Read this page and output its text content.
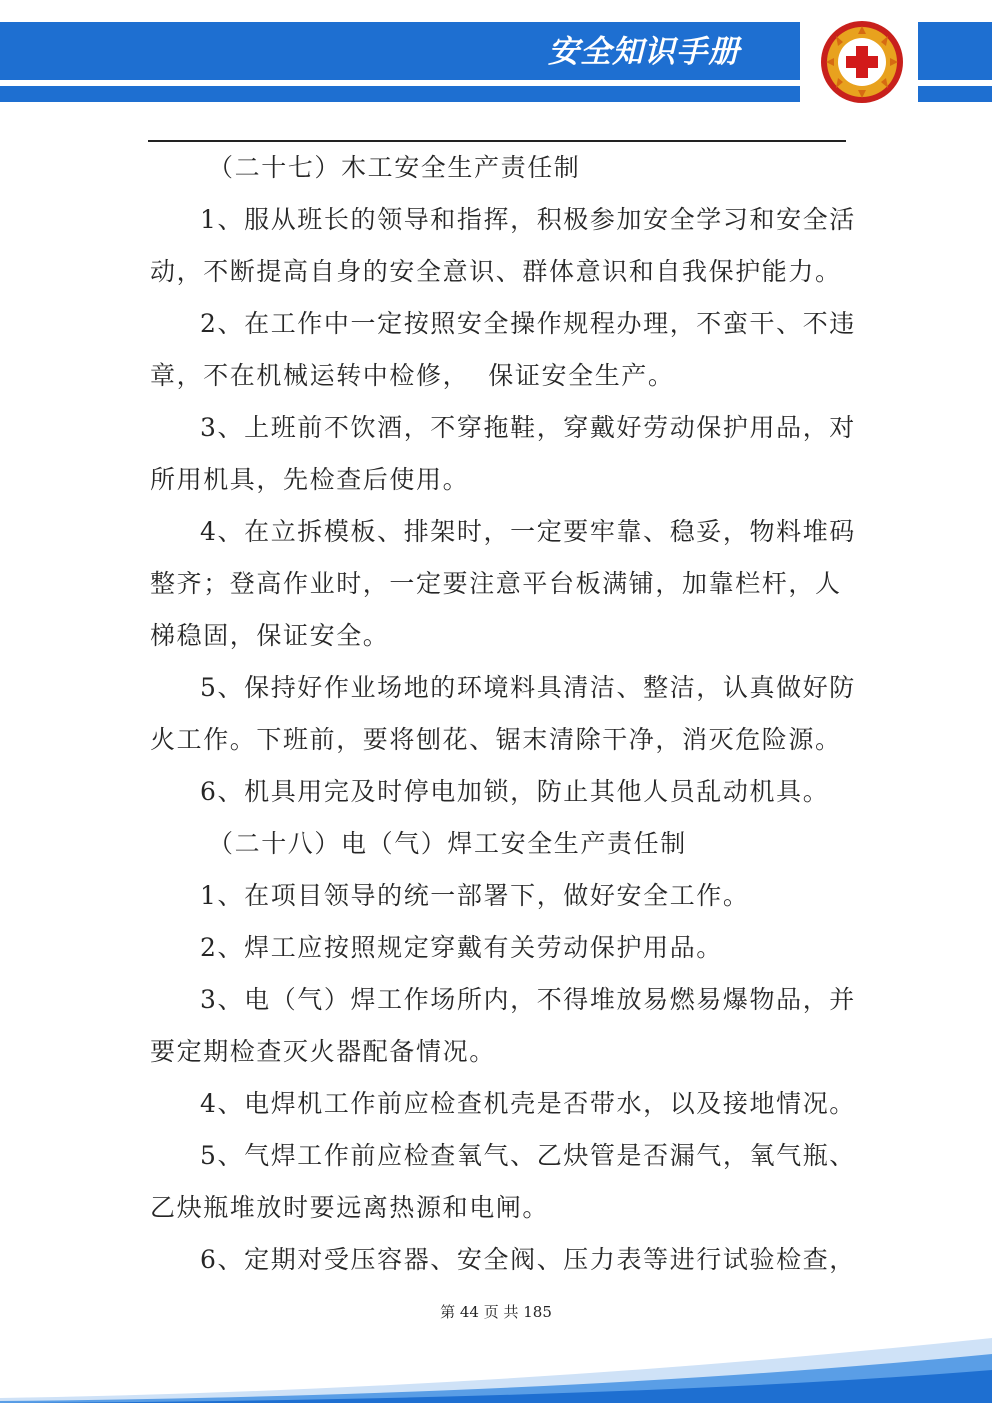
安全知识手册
（二十七）木工安全生产责任制
1、服从班长的领导和指挥，积极参加安全学习和安全活
动，不断提高自身的安全意识、群体意识和自我保护能力。
2、在工作中一定按照安全操作规程办理，不蛮干、不违
章，不在机械运转中检修，  保证安全生产。
3、上班前不饮酒，不穿拖鞋，穿戴好劳动保护用品，对
所用机具，先检查后使用。
4、在立拆模板、排架时，一定要牢靠、稳妥，物料堆码
整齐；登高作业时，一定要注意平台板满铺，加靠栏杆，人
梯稳固，保证安全。
5、保持好作业场地的环境料具清洁、整洁，认真做好防
火工作。下班前，要将刨花、锯末清除干净，消灭危险源。
6、机具用完及时停电加锁，防止其他人员乱动机具。
（二十八）电（气）焊工安全生产责任制
1、在项目领导的统一部署下，做好安全工作。
2、焊工应按照规定穿戴有关劳动保护用品。
3、电（气）焊工作场所内，不得堆放易燃易爆物品，并
要定期检查灭火器配备情况。
4、电焊机工作前应检查机壳是否带水，以及接地情况。
5、气焊工作前应检查氧气、乙炔管是否漏气，氧气瓶、
乙炔瓶堆放时要远离热源和电闸。
6、定期对受压容器、安全阀、压力表等进行试验检查，
第 44 页 共 185
